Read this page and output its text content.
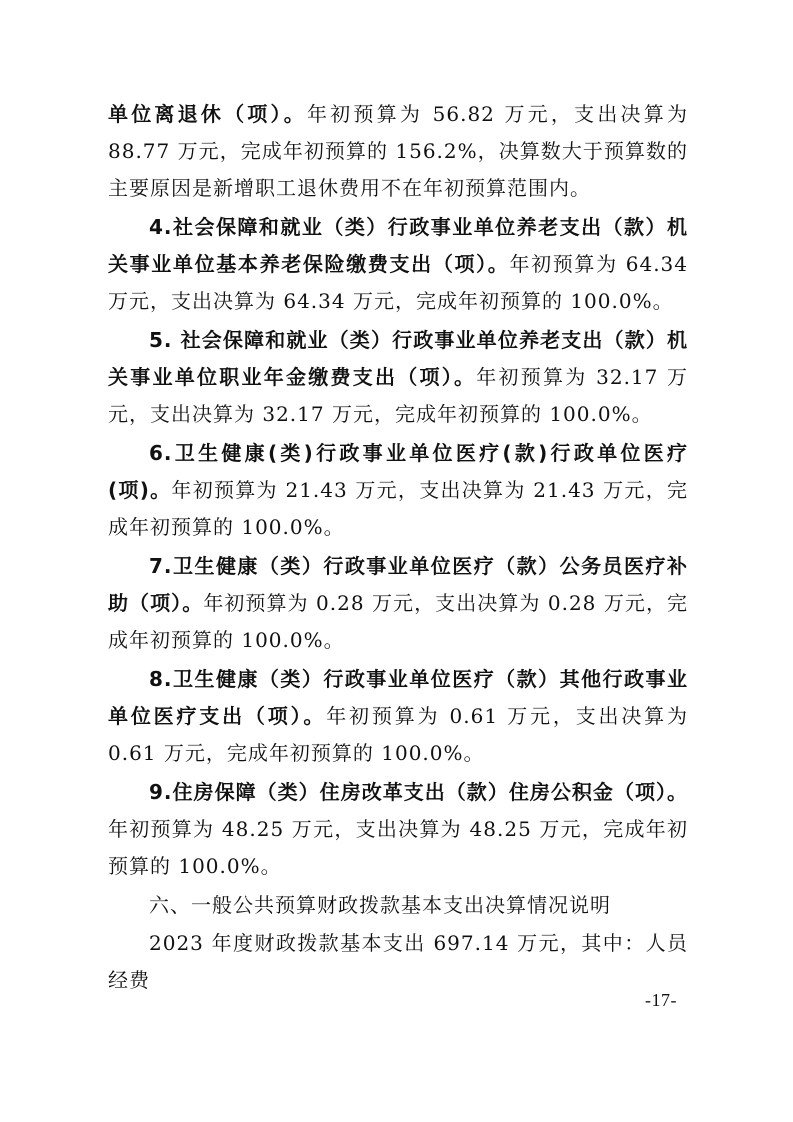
单位离退休（项）。年初预算为 56.82 万元，支出决算为 88.77 万元，完成年初预算的 156.2%，决算数大于预算数的主要原因是新增职工退休费用不在年初预算范围内。

4.社会保障和就业（类）行政事业单位养老支出（款）机关事业单位基本养老保险缴费支出（项）。年初预算为 64.34 万元，支出决算为 64.34 万元，完成年初预算的 100.0%。

5. 社会保障和就业（类）行政事业单位养老支出（款）机关事业单位职业年金缴费支出（项）。年初预算为 32.17 万元，支出决算为 32.17 万元，完成年初预算的 100.0%。

6.卫生健康(类)行政事业单位医疗(款)行政单位医疗(项)。年初预算为 21.43 万元，支出决算为 21.43 万元，完成年初预算的 100.0%。

7.卫生健康（类）行政事业单位医疗（款）公务员医疗补助（项）。年初预算为 0.28 万元，支出决算为 0.28 万元，完成年初预算的 100.0%。

8.卫生健康（类）行政事业单位医疗（款）其他行政事业单位医疗支出（项）。年初预算为 0.61 万元，支出决算为 0.61 万元，完成年初预算的 100.0%。

9.住房保障（类）住房改革支出（款）住房公积金（项）。年初预算为 48.25 万元，支出决算为 48.25 万元，完成年初预算的 100.0%。

六、一般公共预算财政拨款基本支出决算情况说明

2023 年度财政拨款基本支出 697.14 万元，其中：人员经费

-17-
